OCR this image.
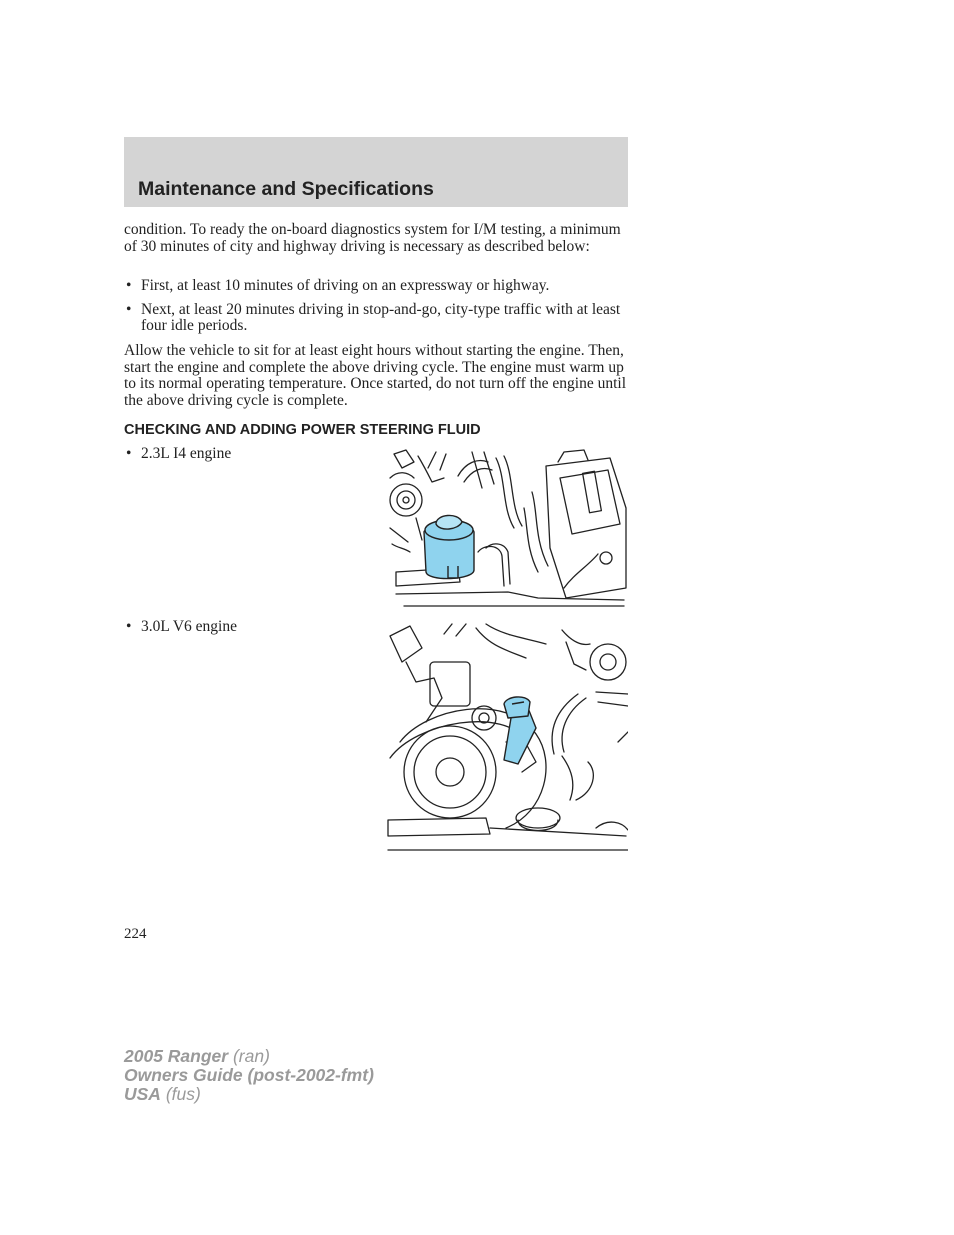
Maintenance and Specifications

condition. To ready the on-board diagnostics system for I/M testing, a minimum of 30 minutes of city and highway driving is necessary as described below:

• First, at least 10 minutes of driving on an expressway or highway.
• Next, at least 20 minutes driving in stop-and-go, city-type traffic with at least four idle periods.

Allow the vehicle to sit for at least eight hours without starting the engine. Then, start the engine and complete the above driving cycle. The engine must warm up to its normal operating temperature. Once started, do not turn off the engine until the above driving cycle is complete.

CHECKING AND ADDING POWER STEERING FLUID
• 2.3L I4 engine
• 3.0L V6 engine
224
2005 Ranger (ran)
Owners Guide (post-2002-fmt)
USA (fus)
